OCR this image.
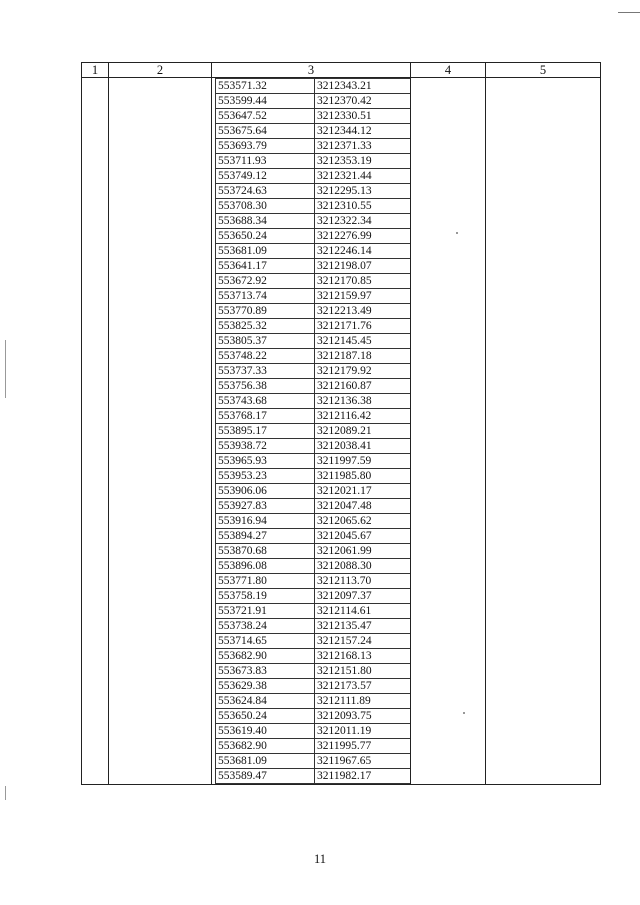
1	2	3	4	5

553571.32	3212343.21
553599.44	3212370.42
553647.52	3212330.51
553675.64	3212344.12
553693.79	3212371.33
553711.93	3212353.19
553749.12	3212321.44
553724.63	3212295.13
553708.30	3212310.55
553688.34	3212322.34
553650.24	3212276.99
553681.09	3212246.14
553641.17	3212198.07
553672.92	3212170.85
553713.74	3212159.97
553770.89	3212213.49
553825.32	3212171.76
553805.37	3212145.45
553748.22	3212187.18
553737.33	3212179.92
553756.38	3212160.87
553743.68	3212136.38
553768.17	3212116.42
553895.17	3212089.21
553938.72	3212038.41
553965.93	3211997.59
553953.23	3211985.80
553906.06	3212021.17
553927.83	3212047.48
553916.94	3212065.62
553894.27	3212045.67
553870.68	3212061.99
553896.08	3212088.30
553771.80	3212113.70
553758.19	3212097.37
553721.91	3212114.61
553738.24	3212135.47
553714.65	3212157.24
553682.90	3212168.13
553673.83	3212151.80
553629.38	3212173.57
553624.84	3212111.89
553650.24	3212093.75
553619.40	3212011.19
553682.90	3211995.77
553681.09	3211967.65
553589.47	3211982.17

11
